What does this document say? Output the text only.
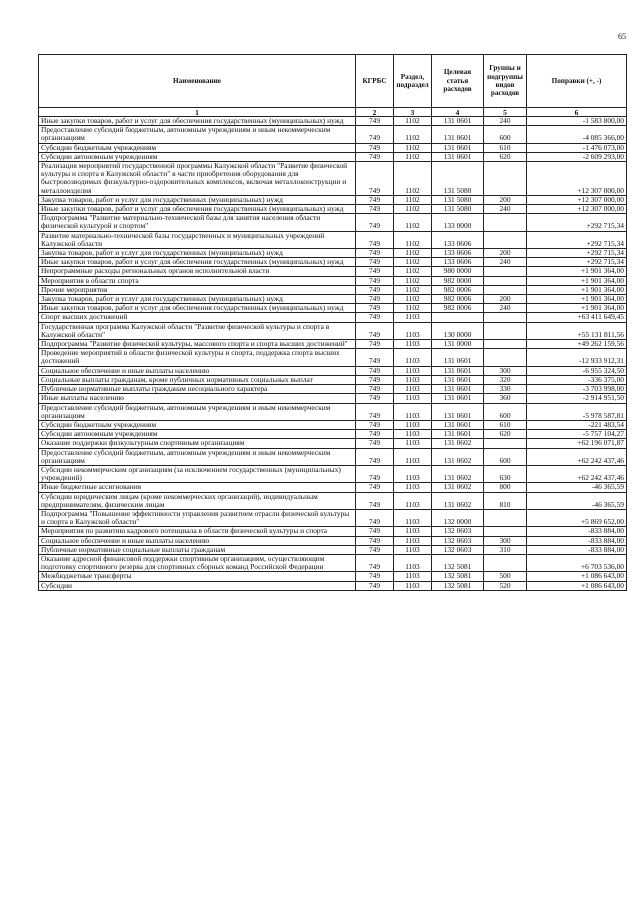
65
Наименование	КГРБС	Раздел, подраздел	Целевая статья расходов	Группы и подгруппы видов расходов	Поправки (+, -)
1	2	3	4	5	6
Иные закупки товаров, работ и услуг для обеспечения государственных (муниципальных) нужд	749	1102	131 0601	240	-1 583 800,00
Предоставление субсидий бюджетным, автономным учреждениям и иным некоммерческим организациям	749	1102	131 0601	600	-4 085 366,00
Субсидии бюджетным учреждениям	749	1102	131 0601	610	-1 476 073,00
Субсидии автономным учреждениям	749	1102	131 0601	620	-2 609 293,00
Реализация мероприятий государственной программы Калужской области "Развитие физической культуры и спорта в Калужской области" в части приобретения оборудования для быстровозводимых физкультурно-оздоровительных комплексов, включая металлоконструкции и металлоизделия	749	1102	131 5080		+12 307 000,00
Закупка товаров, работ и услуг для государственных (муниципальных) нужд	749	1102	131 5080	200	+12 307 000,00
Иные закупки товаров, работ и услуг для обеспечения государственных (муниципальных) нужд	749	1102	131 5080	240	+12 307 000,00
Подпрограмма "Развитие материально-технической базы для занятия населения области физической культурой и спортом"	749	1102	133 0000		+292 715,34
Развитие материально-технической базы государственных и муниципальных учреждений Калужской области	749	1102	133 0606		+292 715,34
Закупка товаров, работ и услуг для государственных (муниципальных) нужд	749	1102	133 0606	200	+292 715,34
Иные закупки товаров, работ и услуг для обеспечения государственных (муниципальных) нужд	749	1102	133 0606	240	+292 715,34
Непрограммные расходы региональных органов исполнительной власти	749	1102	980 0000		+1 901 364,00
Мероприятия в области спорта	749	1102	982 0000		+1 901 364,00
Прочие мероприятия	749	1102	982 0006		+1 901 364,00
Закупка товаров, работ и услуг для государственных (муниципальных) нужд	749	1102	982 0006	200	+1 901 364,00
Иные закупки товаров, работ и услуг для обеспечения государственных (муниципальных) нужд	749	1102	982 0006	240	+1 901 364,00
Спорт высших достижений	749	1103			+63 411 649,45
Государственная программа Калужской области "Развитие физической культуры и спорта в Калужской области"	749	1103	130 0000		+55 131 811,56
Подпрограмма "Развитие физической культуры, массового спорта и спорта высших достижений"	749	1103	131 0000		+49 262 159,56
Проведение мероприятий в области физической культуры и спорта, поддержка спорта высших достижений	749	1103	131 0601		-12 933 912,31
Социальное обеспечение и иные выплаты населению	749	1103	131 0601	300	-6 955 324,50
Социальные выплаты гражданам, кроме публичных нормативных социальных выплат	749	1103	131 0601	320	-336 375,00
Публичные нормативные выплаты гражданам несоциального характера	749	1103	131 0601	330	-3 703 998,00
Иные выплаты населению	749	1103	131 0601	360	-2 914 951,50
Предоставление субсидий бюджетным, автономным учреждениям и иным некоммерческим организациям	749	1103	131 0601	600	-5 978 587,81
Субсидии бюджетным учреждениям	749	1103	131 0601	610	-221 483,54
Субсидии автономным учреждениям	749	1103	131 0601	620	-5 757 104,27
Оказание поддержки физкультурным спортивным организациям	749	1103	131 0602		+62 196 071,87
Предоставление субсидий бюджетным, автономным учреждениям и иным некоммерческим организациям	749	1103	131 0602	600	+62 242 437,46
Субсидии некоммерческим организациям (за исключением государственных (муниципальных) учреждений)	749	1103	131 0602	630	+62 242 437,46
Иные бюджетные ассигнования	749	1103	131 0602	800	-46 365,59
Субсидии юридическим лицам (кроме некоммерческих организаций), индивидуальным предпринимателям, физическим лицам	749	1103	131 0602	810	-46 365,59
Подпрограмма "Повышение эффективности управления развитием отрасли физической культуры и спорта в Калужской области"	749	1103	132 0000		+5 869 652,00
Мероприятия по развитию кадрового потенциала в области физической культуры и спорта	749	1103	132 0603		-833 884,00
Социальное обеспечение и иные выплаты населению	749	1103	132 0603	300	-833 884,00
Публичные нормативные социальные выплаты гражданам	749	1103	132 0603	310	-833 884,00
Оказание адресной финансовой поддержки спортивным организациям, осуществляющим подготовку спортивного резерва для спортивных сборных команд Российской Федерации	749	1103	132 5081		+6 703 536,00
Межбюджетные трансферты	749	1103	132 5081	500	+1 086 643,00
Субсидии	749	1103	132 5081	520	+1 086 643,00
